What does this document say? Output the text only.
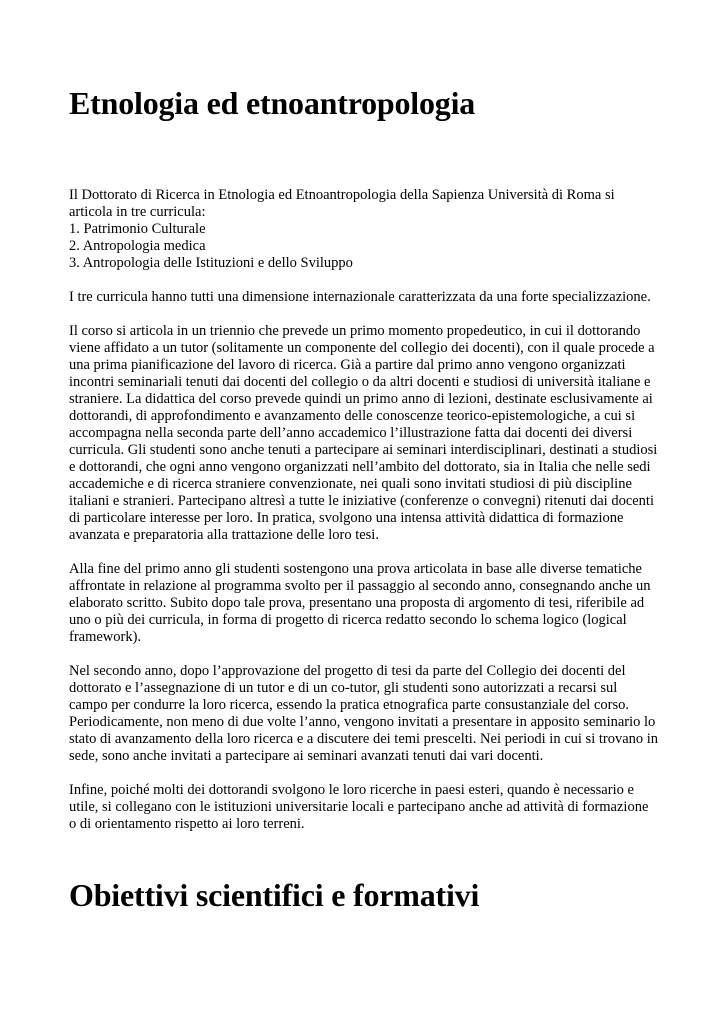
Etnologia ed etnoantropologia

Il Dottorato di Ricerca in Etnologia ed Etnoantropologia della Sapienza Università di Roma si
articola in tre curricula:
1. Patrimonio Culturale
2. Antropologia medica
3. Antropologia delle Istituzioni e dello Sviluppo

I tre curricula hanno tutti una dimensione internazionale caratterizzata da una forte specializzazione.

Il corso si articola in un triennio che prevede un primo momento propedeutico, in cui il dottorando viene affidato a un tutor (solitamente un componente del collegio dei docenti), con il quale procede a una prima pianificazione del lavoro di ricerca. Già a partire dal primo anno vengono organizzati incontri seminariali tenuti dai docenti del collegio o da altri docenti e studiosi di università italiane e straniere. La didattica del corso prevede quindi un primo anno di lezioni, destinate esclusivamente ai dottorandi, di approfondimento e avanzamento delle conoscenze teorico-epistemologiche, a cui si accompagna nella seconda parte dell’anno accademico l’illustrazione fatta dai docenti dei diversi curricula. Gli studenti sono anche tenuti a partecipare ai seminari interdisciplinari, destinati a studiosi e dottorandi, che ogni anno vengono organizzati nell’ambito del dottorato, sia in Italia che nelle sedi accademiche e di ricerca straniere convenzionate, nei quali sono invitati studiosi di più discipline italiani e stranieri. Partecipano altresì a tutte le iniziative (conferenze o convegni) ritenuti dai docenti di particolare interesse per loro. In pratica, svolgono una intensa attività didattica di formazione avanzata e preparatoria alla trattazione delle loro tesi.

Alla fine del primo anno gli studenti sostengono una prova articolata in base alle diverse tematiche affrontate in relazione al programma svolto per il passaggio al secondo anno, consegnando anche un elaborato scritto. Subito dopo tale prova, presentano una proposta di argomento di tesi, riferibile ad uno o più dei curricula, in forma di progetto di ricerca redatto secondo lo schema logico (logical framework).

Nel secondo anno, dopo l’approvazione del progetto di tesi da parte del Collegio dei docenti del dottorato e l’assegnazione di un tutor e di un co-tutor, gli studenti sono autorizzati a recarsi sul campo per condurre la loro ricerca, essendo la pratica etnografica parte consustanziale del corso. Periodicamente, non meno di due volte l’anno, vengono invitati a presentare in apposito seminario lo stato di avanzamento della loro ricerca e a discutere dei temi prescelti. Nei periodi in cui si trovano in sede, sono anche invitati a partecipare ai seminari avanzati tenuti dai vari docenti.

Infine, poiché molti dei dottorandi svolgono le loro ricerche in paesi esteri, quando è necessario e utile, si collegano con le istituzioni universitarie locali e partecipano anche ad attività di formazione o di orientamento rispetto ai loro terreni.

Obiettivi scientifici e formativi
